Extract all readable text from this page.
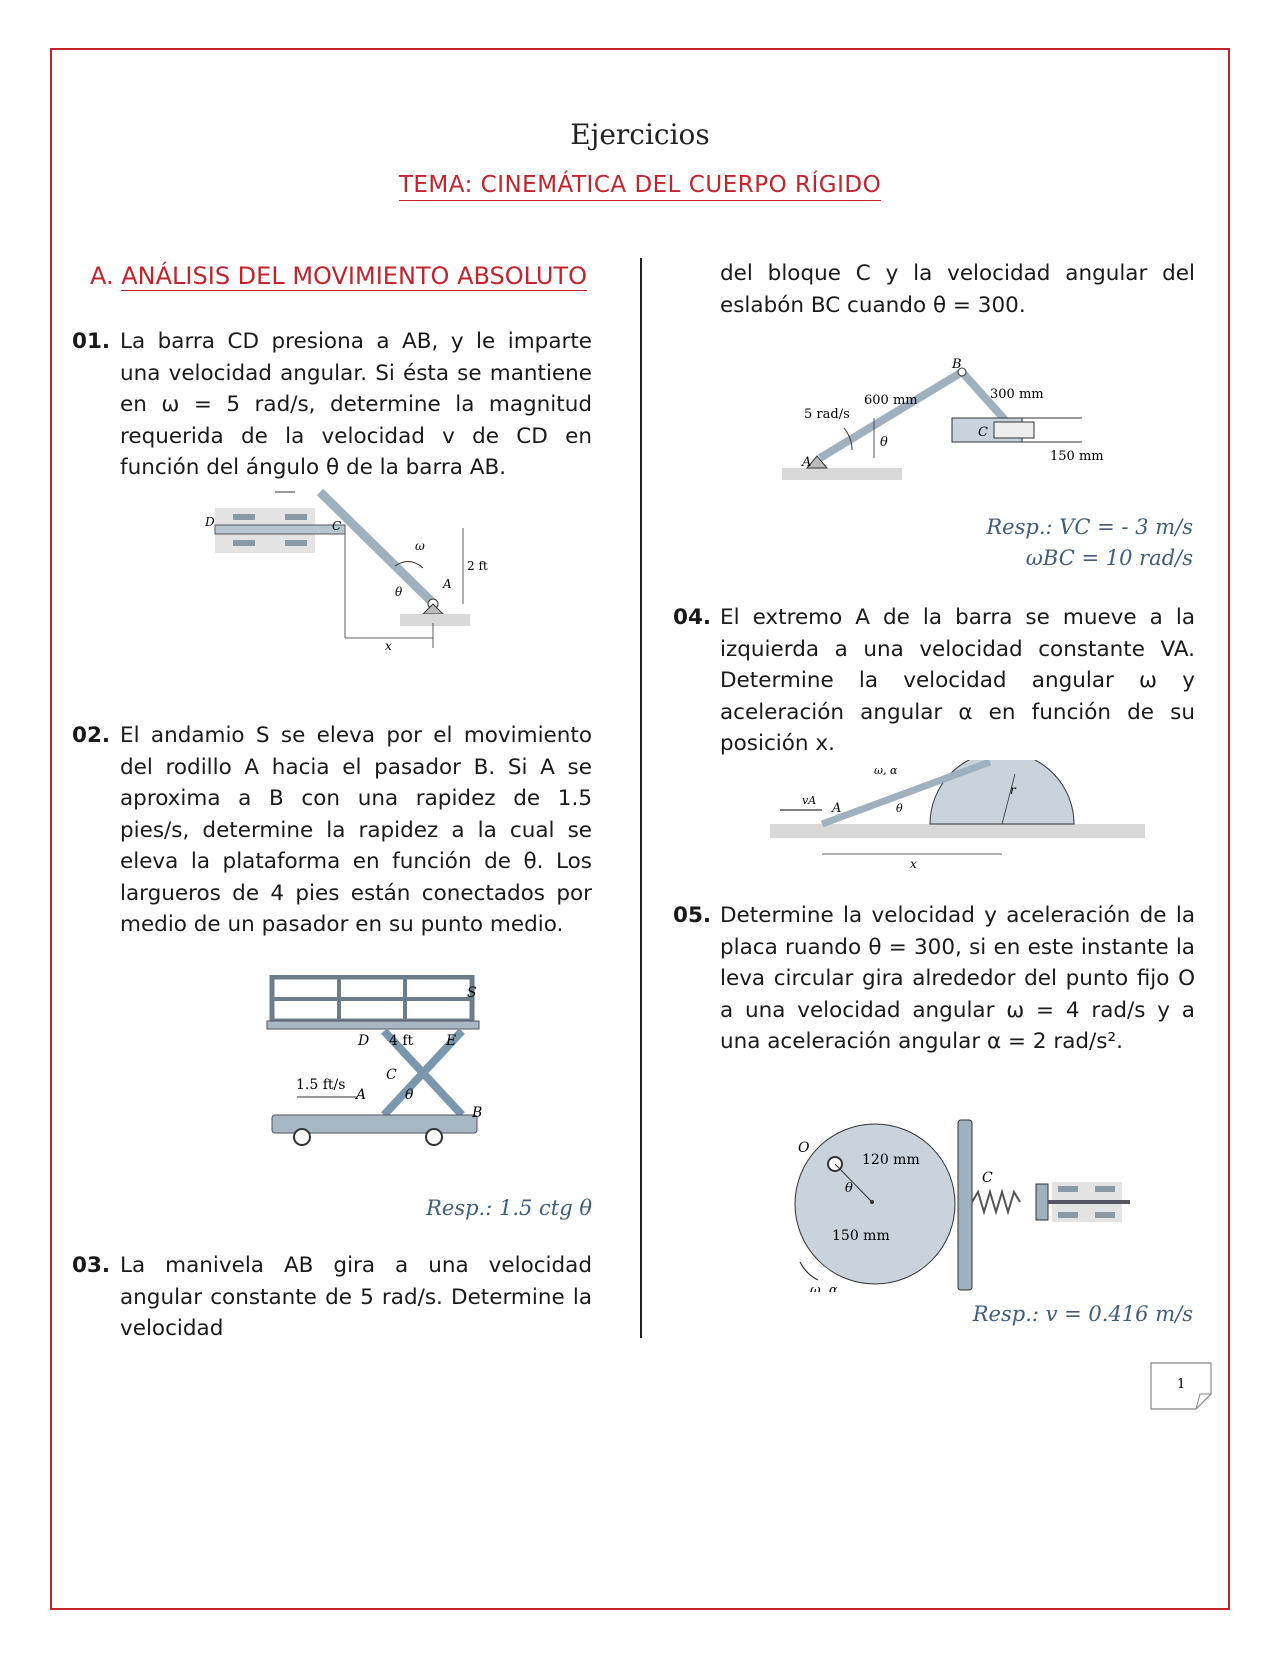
Ejercicios
TEMA: CINEMÁTICA DEL CUERPO RÍGIDO
A. ANÁLISIS DEL MOVIMIENTO ABSOLUTO
01. La barra CD presiona a AB, y le imparte una velocidad angular. Si ésta se mantiene en ω = 5 rad/s, determine la magnitud requerida de la velocidad v de CD en función del ángulo θ de la barra AB.
D	C
ω
2 ft
θ
A
x
02. El andamio S se eleva por el movimiento del rodillo A hacia el pasador B. Si A se aproxima a B con una rapidez de 1.5 pies/s, determine la rapidez a la cual se eleva la plataforma en función de θ. Los largueros de 4 pies están conectados por medio de un pasador en su punto medio.
S
D 4 ft E
C
1.5 ft/s
A	θ
B
Resp.: 1.5 ctg θ
03. La manivela AB gira a una velocidad angular constante de 5 rad/s. Determine la velocidad
del bloque C y la velocidad angular del eslabón BC cuando θ = 300.
B
600 mm	300 mm
5 rad/s
θ
C
A	150 mm
Resp.: VC = - 3 m/s
ωBC = 10 rad/s
04. El extremo A de la barra se mueve a la izquierda a una velocidad constante VA. Determine la velocidad angular ω y aceleración angular α en función de su posición x.
ω, α
vA
A	θ
r
x
05. Determine la velocidad y aceleración de la placa ruando θ = 300, si en este instante la leva circular gira alrededor del punto fijo O a una velocidad angular ω = 4 rad/s y a una aceleración angular α = 2 rad/s².
O
120 mm
θ
150 mm
ω, α
C
Resp.: v = 0.416 m/s
1
